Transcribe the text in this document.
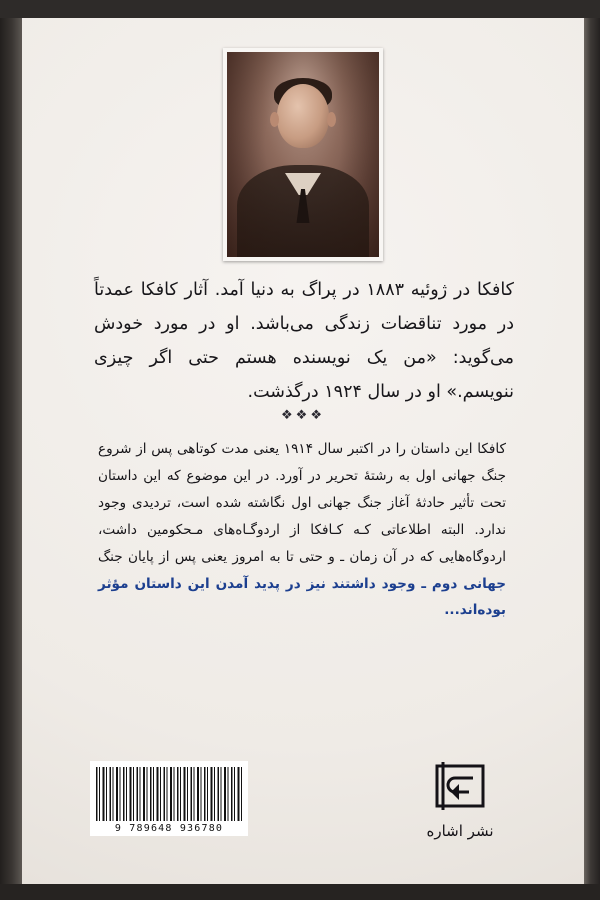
کافکا در ژوئیه ۱۸۸۳ در پراگ به دنیا آمد. آثار کافکا عمدتاً در مورد تناقضات زندگی می‌باشد. او در مورد خودش می‌گوید: «من یک نویسنده هستم حتی اگر چیزی ننویسم.» او در سال ۱۹۲۴ درگذشت.
❖❖❖
کافکا این داستان را در اکتبر سال ۱۹۱۴ یعنی مدت کوتاهی پس از شروع جنگ جهانی اول به رشتهٔ تحریر در آورد. در این موضوع که این داستان تحت تأثیر حادثهٔ آغاز جنگ جهانی اول نگاشته شده است، تردیدی وجود ندارد. البته اطلاعاتی کـه کـافکا از اردوگـاه‌های مـحکومین داشت، اردوگاه‌هایی که در آن زمان ـ و حتی تا به امروز یعنی پس از پایان جنگ جهانی دوم ـ وجود داشتند نیز در پدید آمدن این داستان مؤثر بوده‌اند...
9 789648 936780	نشر اشاره
